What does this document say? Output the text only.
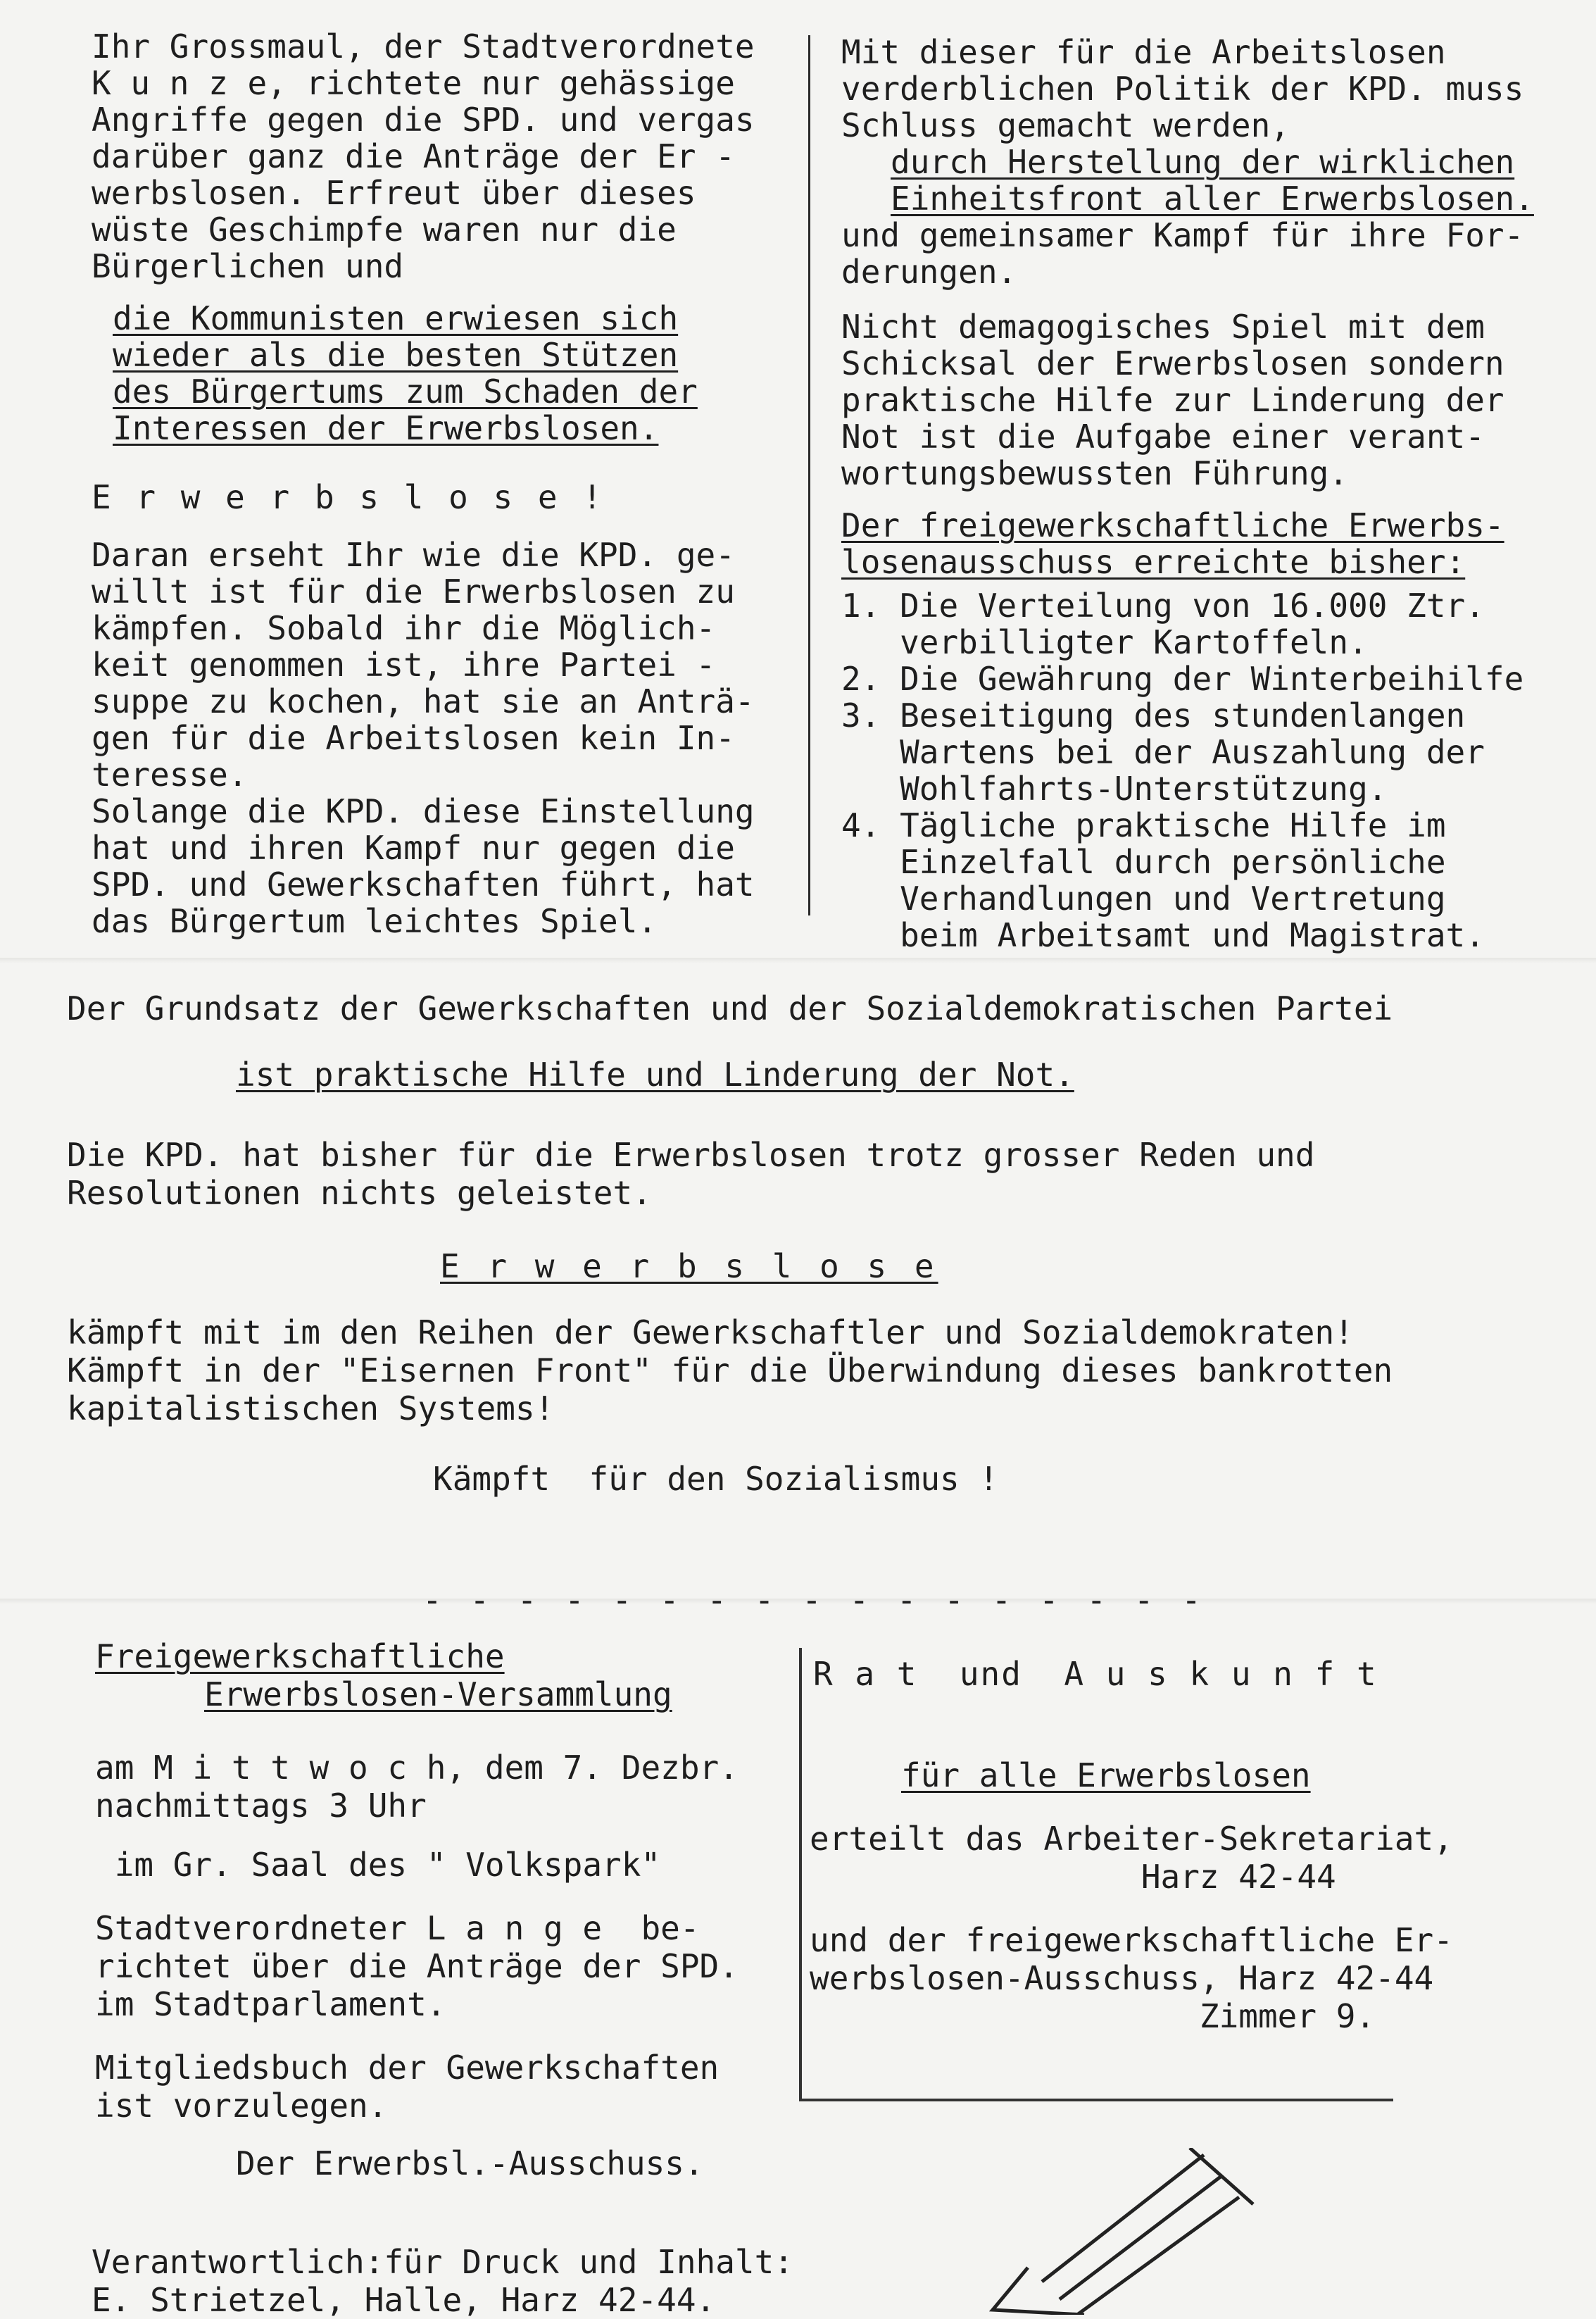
Ihr Grossmaul, der Stadtverordnete
K u n z e, richtete nur gehässige
Angriffe gegen die SPD. und vergas
darüber ganz die Anträge der Er -
werbslosen. Erfreut über dieses
wüste Geschimpfe waren nur die
Bürgerlichen und

die Kommunisten erwiesen sich
wieder als die besten Stützen
des Bürgertums zum Schaden der
Interessen der Erwerbslosen.

E r w e r b s l o s e !

Daran erseht Ihr wie die KPD. ge-
willt ist für die Erwerbslosen zu
kämpfen. Sobald ihr die Möglich-
keit genommen ist, ihre Partei -
suppe zu kochen, hat sie an Anträ-
gen für die Arbeitslosen kein In-
teresse.
Solange die KPD. diese Einstellung
hat und ihren Kampf nur gegen die
SPD. und Gewerkschaften führt, hat
das Bürgertum leichtes Spiel.

Mit dieser für die Arbeitslosen
verderblichen Politik der KPD. muss
Schluss gemacht werden,

durch Herstellung der wirklichen
Einheitsfront aller Erwerbslosen.

und gemeinsamer Kampf für ihre For-
derungen.

Nicht demagogisches Spiel mit dem
Schicksal der Erwerbslosen sondern
praktische Hilfe zur Linderung der
Not ist die Aufgabe einer verant-
wortungsbewussten Führung.

Der freigewerkschaftliche Erwerbs-
losenausschuss erreichte bisher:

1. Die Verteilung von 16.000 Ztr.
verbilligter Kartoffeln.

2. Die Gewährung der Winterbeihilfe

3. Beseitigung des stundenlangen
Wartens bei der Auszahlung der
Wohlfahrts-Unterstützung.

4. Tägliche praktische Hilfe im
Einzelfall durch persönliche
Verhandlungen und Vertretung
beim Arbeitsamt und Magistrat.

Der Grundsatz der Gewerkschaften und der Sozialdemokratischen Partei

ist praktische Hilfe und Linderung der Not.

Die KPD. hat bisher für die Erwerbslosen trotz grosser Reden und
Resolutionen nichts geleistet.

E r w e r b s l o s e

kämpft mit im den Reihen der Gewerkschaftler und Sozialdemokraten!
Kämpft in der "Eisernen Front" für die Überwindung dieses bankrotten
kapitalistischen Systems!

Kämpft  für den Sozialismus !

- - - - - - - - - - - - - - - - -

Freigewerkschaftliche

Erwerbslosen-Versammlung

am M i t t w o c h, dem 7. Dezbr.
nachmittags 3 Uhr

im Gr. Saal des " Volkspark"

Stadtverordneter L a n g e  be-
richtet über die Anträge der SPD.
im Stadtparlament.

Mitgliedsbuch der Gewerkschaften
ist vorzulegen.

Der Erwerbsl.-Ausschuss.

R a t  und  A u s k u n f t

für alle Erwerbslosen

erteilt das Arbeiter-Sekretariat,
Harz 42-44

und der freigewerkschaftliche Er-
werbslosen-Ausschuss, Harz 42-44
Zimmer 9.

Verantwortlich:für Druck und Inhalt:
E. Strietzel, Halle, Harz 42-44.
